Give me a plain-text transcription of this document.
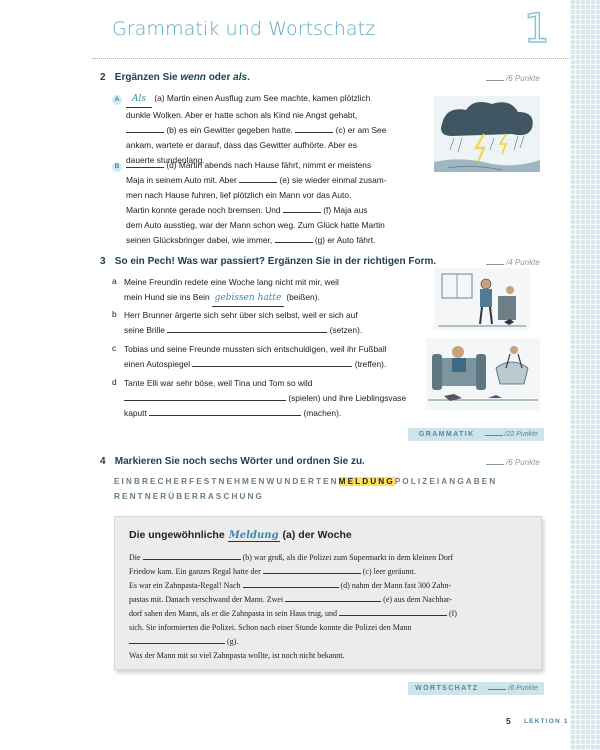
Grammatik und Wortschatz	1
2 Ergänzen Sie wenn oder als.	/6 Punkte
A	Als (a) Martin einen Ausflug zum See machte, kamen plötzlich
dunkle Wolken. Aber er hatte schon als Kind nie Angst gehabt,
(b) es ein Gewitter gegeben hatte.	(c) er am See
ankam, wartete er darauf, dass das Gewitter aufhörte. Aber es
dauerte stundenlang.
B	(d) Martin abends nach Hause fährt, nimmt er meistens
Maja in seinem Auto mit. Aber	(e) sie wieder einmal zusam-
men nach Hause fuhren, lief plötzlich ein Mann vor das Auto.
Martin konnte gerade noch bremsen. Und	(f) Maja aus
dem Auto ausstieg, war der Mann schon weg. Zum Glück hatte Martin
seinen Glücksbringer dabei, wie immer,	(g) er Auto fährt.
3 So ein Pech! Was war passiert? Ergänzen Sie in der richtigen Form.	/4 Punkte
a Meine Freundin redete eine Woche lang nicht mit mir, weil
mein Hund sie ins Bein gebissen hatte (beißen).
b Herr Brunner ärgerte sich sehr über sich selbst, weil er sich auf
seine Brille	(setzen).
c Tobias und seine Freunde mussten sich entschuldigen, weil ihr Fußball
einen Autospiegel	(treffen).
d Tante Elli war sehr böse, weil Tina und Tom so wild
(spielen) und ihre Lieblingsvase
kaputt	(machen).
GRAMMATIK	/22 Punkte
4 Markieren Sie noch sechs Wörter und ordnen Sie zu.	/6 Punkte
EINBRECHERFESTNEHMENWUNDERTENMELDUNGPOLIZEIANGABEN
RENTNERÜBERRASCHUNG
Die ungewöhnliche Meldung (a) der Woche
Die	(b) war groß, als die Polizei zum Supermarkt in dem kleinen Dorf
Friedow kam. Ein ganzes Regal hatte der	(c) leer geräumt.
Es war ein Zahnpasta-Regal! Nach	(d) nahm der Mann fast 300 Zahn-
pastas mit. Danach verschwand der Mann. Zwei	(e) aus dem Nachbar-
dorf sahen den Mann, als er die Zahnpasta in sein Haus trug, und	(f)
sich. Sie informierten die Polizei. Schon nach einer Stunde konnte die Polizei den Mann
(g).
Was der Mann mit so viel Zahnpasta wollte, ist noch nicht bekannt.
WORTSCHATZ	/6 Punkte
5 LEKTION 1
